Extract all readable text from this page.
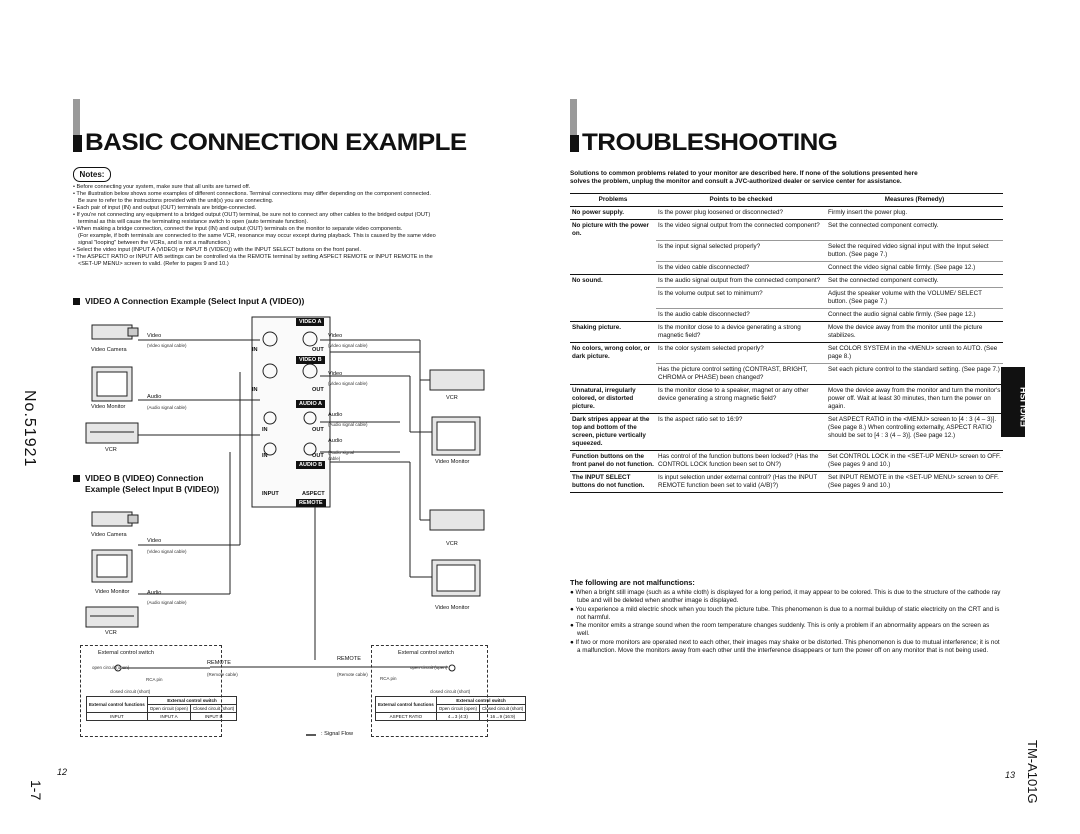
BASIC CONNECTION EXAMPLE
Notes:

• Before connecting your system, make sure that all units are turned off.

• The illustration below shows some examples of different connections. Terminal connections may differ depending on the component connected.

Be sure to refer to the instructions provided with the unit(s) you are connecting.

• Each pair of input (IN) and output (OUT) terminals are bridge-connected.

• If you're not connecting any equipment to a bridged output (OUT) terminal, be sure not to connect any other cables to the bridged output (OUT)

terminal as this will cause the terminating resistance switch to open (auto terminate function).

• When making a bridge connection, connect the input (IN) and output (OUT) terminals on the monitor to separate video components.

(For example, if both terminals are connected to the same VCR, resonance may occur except during playback. This is caused by the same video

signal "looping" between the VCRs, and is not a malfunction.)

• Select the video input (INPUT A (VIDEO) or INPUT B (VIDEO)) with the INPUT SELECT buttons on the front panel.

• The ASPECT RATIO or INPUT A/B settings can be controlled via the REMOTE terminal by setting ASPECT REMOTE or INPUT REMOTE in the

<SET-UP MENU> screen to valid. (Refer to pages 9 and 10.)

VIDEO A Connection Example (Select Input A (VIDEO))
VIDEO B (VIDEO) Connection
Example (Select Input B (VIDEO))
No.51921
Video Camera
Video Monitor
VCR
Video
(Video signal cable)
Audio
(Audio signal cable)
Video
(Video signal cable)
Video
(Video signal cable)
Audio
(Audio signal cable)
Audio
(Audio signal
cable)
VIDEO A
VIDEO B
AUDIO A
AUDIO B
REMOTE
IN	OUT
IN	OUT
IN	OUT
IN	OUT
INPUT	ASPECT
VCR
Video Monitor
Video Camera
Video
(Video signal cable)
Video Monitor	Audio
(Audio signal cable)
VCR
VCR
Video Monitor
External control switch
open circuit (open)
RCA pin
closed circuit (short)
REMOTE
(Remote cable)
REMOTE
(Remote cable)
External control switch
open circuit (open)
RCA pin
closed circuit (short)
: Signal Flow
External control functions	External control switch	
	Open circuit (open)	Closed circuit (short)
INPUT	INPUT A	INPUT B
External control functions	External control switch	
	Open circuit (open)	Closed circuit (short)
ASPECT RATIO	4→3 (4:3)	16→9 (16:9)
12
1-7
TROUBLESHOOTING
Solutions to common problems related to your monitor are described here. If none of the solutions presented here
solves the problem, unplug the monitor and consult a JVC-authorized dealer or service center for assistance.
Problems	Points to be checked	Measures (Remedy)
No power supply.	Is the power plug loosened or disconnected?	Firmly insert the power plug.
No picture with the power on.	Is the video signal output from the connected component?	Set the connected component correctly.
	Is the input signal selected properly?	Select the required video signal input with the Input select button. (See page 7.)
	Is the video cable disconnected?	Connect the video signal cable firmly. (See page 12.)
No sound.	Is the audio signal output from the connected component?	Set the connected component correctly.
	Is the volume output set to minimum?	Adjust the speaker volume with the VOLUME/ SELECT button. (See page 7.)
	Is the audio cable disconnected?	Connect the audio signal cable firmly. (See page 12.)
Shaking picture.	Is the monitor close to a device generating a strong magnetic field?	Move the device away from the monitor until the picture stabilizes.
No colors, wrong color, or dark picture.	Is the color system selected properly?	Set COLOR SYSTEM in the <MENU> screen to AUTO. (See page 8.)
	Has the picture control setting (CONTRAST, BRIGHT, CHROMA or PHASE) been changed?	Set each picture control to the standard setting. (See page 7.)
Unnatural, irregularly colored, or distorted picture.	Is the monitor close to a speaker, magnet or any other device generating a strong magnetic field?	Move the device away from the monitor and turn the monitor's power off. Wait at least 30 minutes, then turn the power on again.
Dark stripes appear at the top and bottom of the screen, picture vertically squeezed.	Is the aspect ratio set to 16:9?	Set ASPECT RATIO in the <MENU> screen to [4 : 3 (4 – 3)]. (See page 8.) When controlling externally, ASPECT RATIO should be set to [4 : 3 (4 – 3)]. (See page 12.)
Function buttons on the front panel do not function.	Has control of the function buttons been locked? (Has the CONTROL LOCK function been set to ON?)	Set CONTROL LOCK in the <SET-UP MENU> screen to OFF. (See pages 9 and 10.)
The INPUT SELECT buttons do not function.	Is input selection under external control? (Has the INPUT REMOTE function been set to valid (A/B)?)	Set INPUT REMOTE in the <SET-UP MENU> screen to OFF. (See pages 9 and 10.)
The following are not malfunctions:
● When a bright still image (such as a white cloth) is displayed for a long period, it may appear to be colored. This is due to the structure of the cathode ray tube and will be deleted when another image is displayed.
● You experience a mild electric shock when you touch the picture tube. This phenomenon is due to a normal buildup of static electricity on the CRT and is not harmful.
● The monitor emits a strange sound when the room temperature changes suddenly. This is only a problem if an abnormality appears on the screen as well.
● If two or more monitors are operated next to each other, their images may shake or be distorted. This phenomenon is due to mutual interference; it is not a malfunction. Move the monitors away from each other until the interference disappears or turn the power off on any monitor that is not being used.
ENGLISH
TM-A101G
13
